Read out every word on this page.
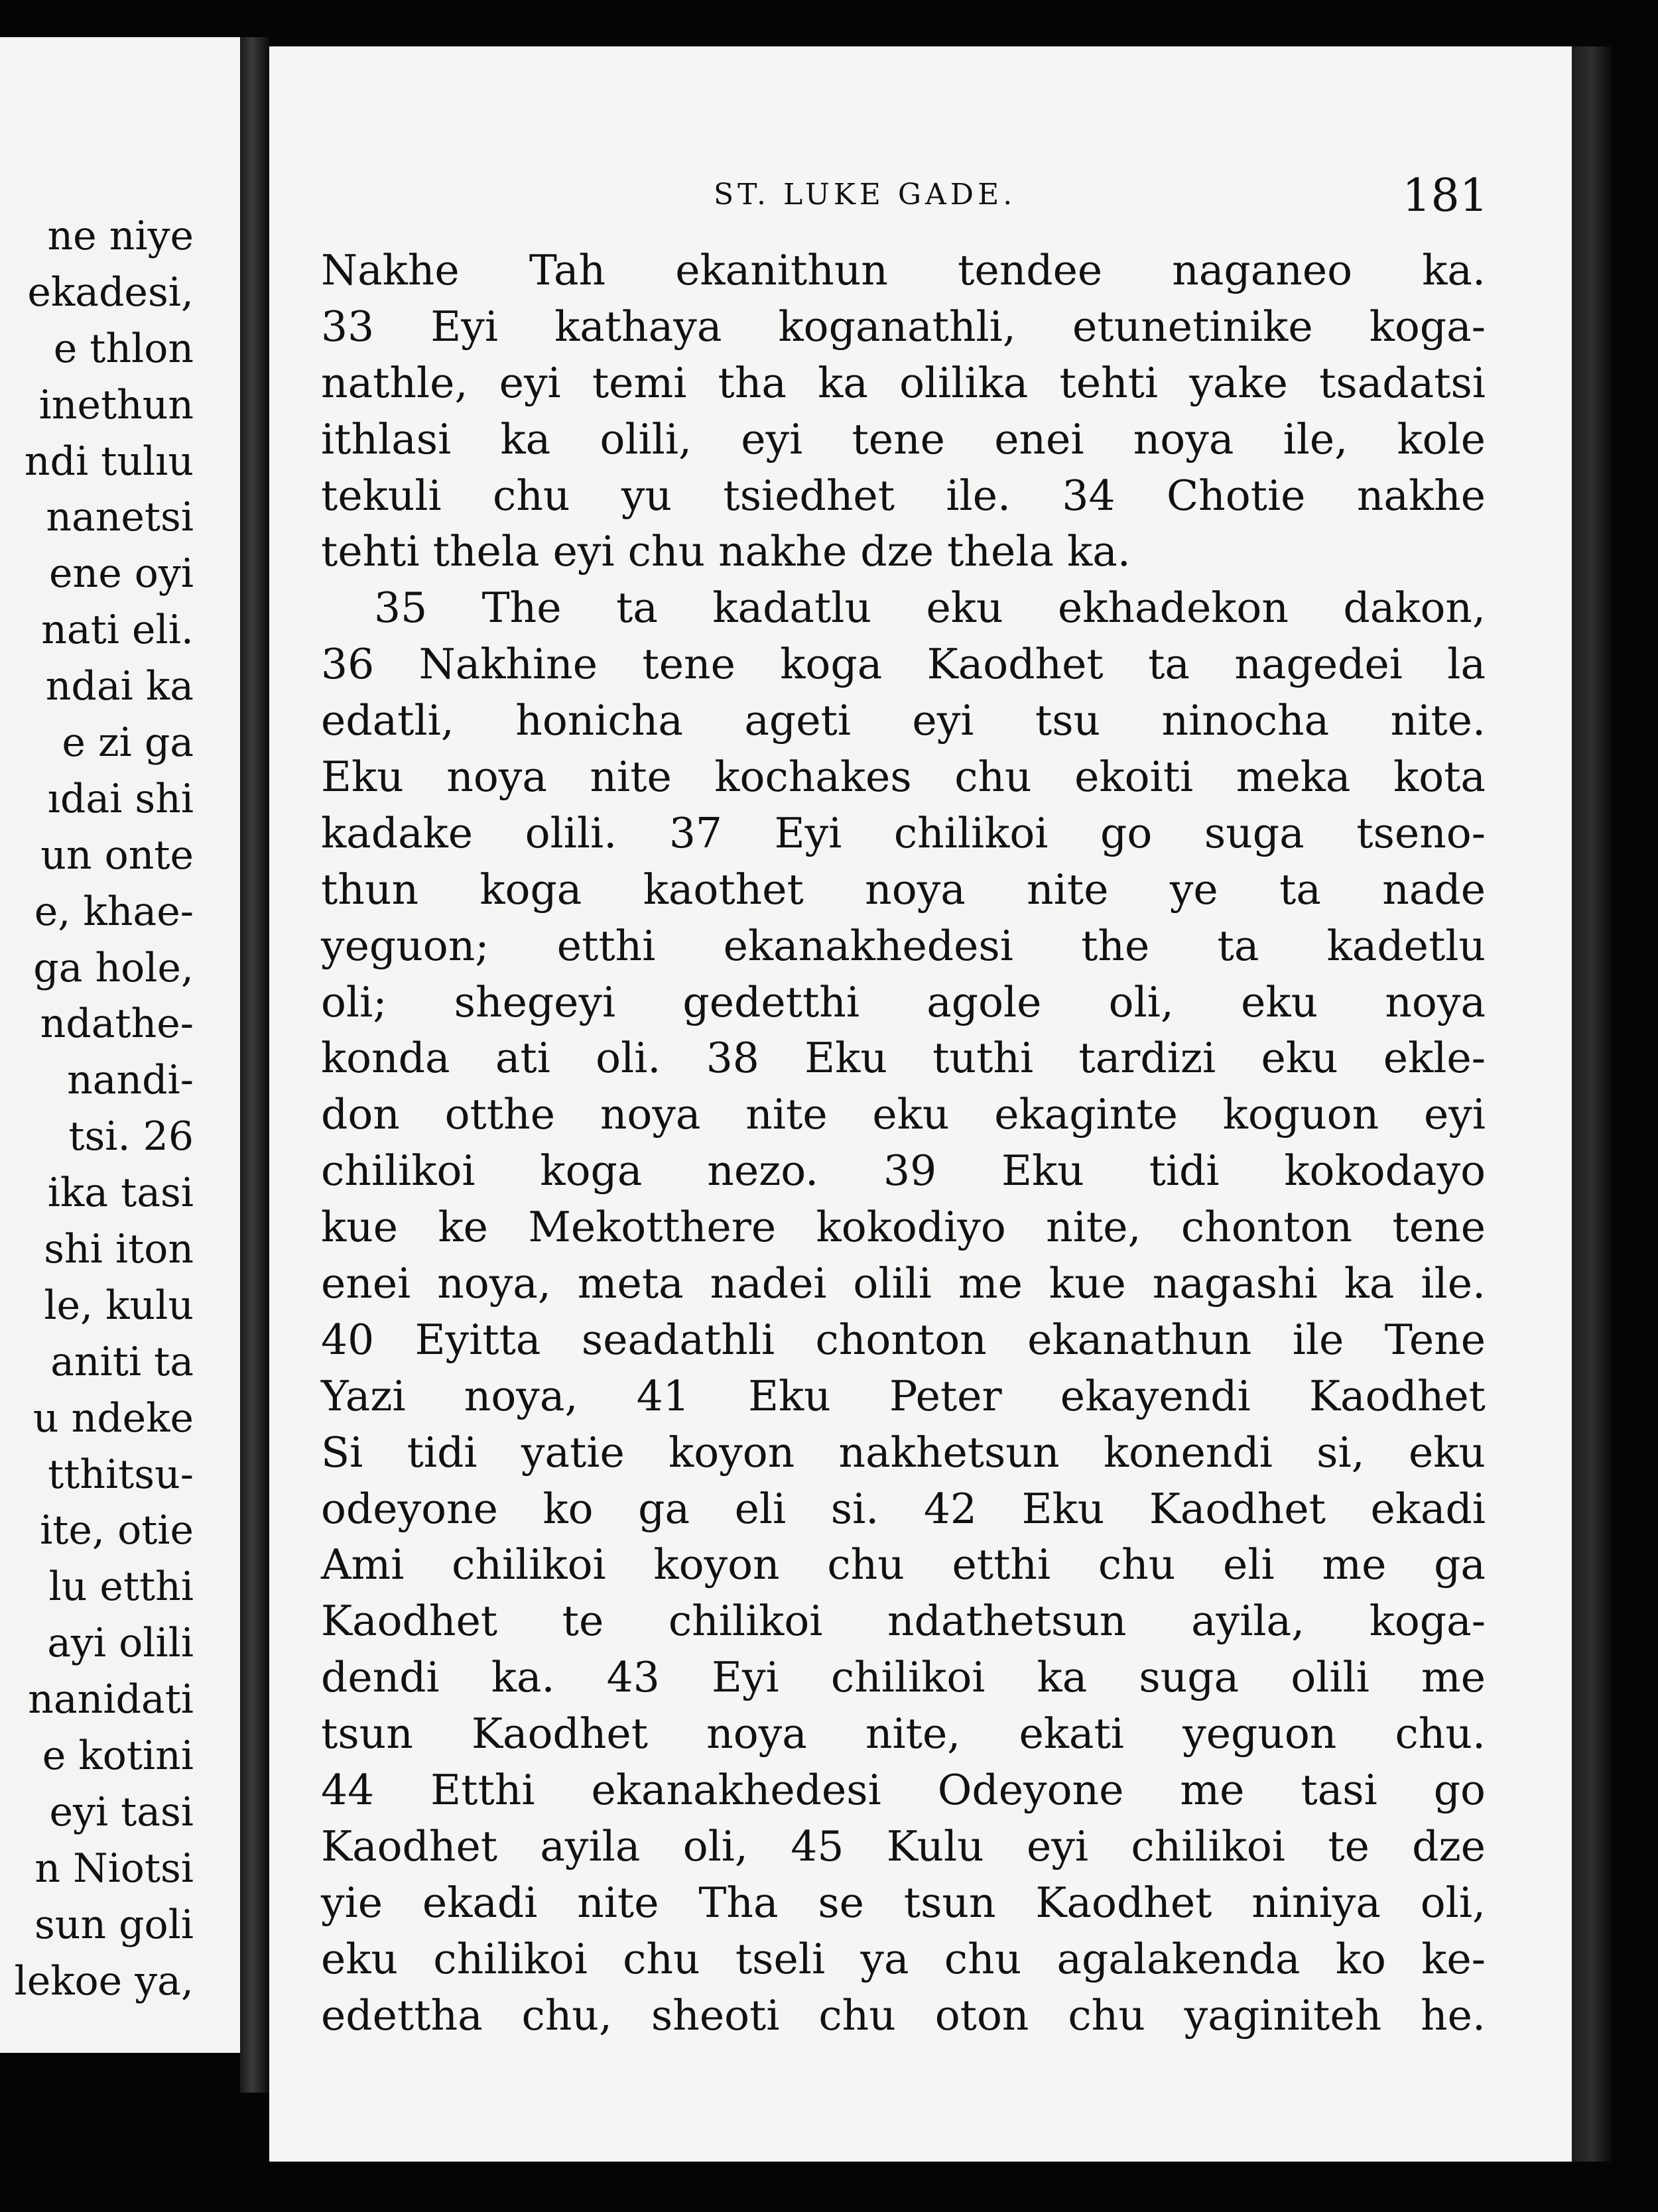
ne niye
ekadesi,
e thlon
inethun
ndi tulıu
nanetsi
ene oyi
nati eli.
ndai ka
e zi ga
ıdai shi
un onte
e, khae-
ga hole,
ndathe-
nandi-
tsi. 26
ika tasi
shi iton
le, kulu
aniti ta
u ndeke
tthitsu-
ite, otie
lu etthi
ayi olili
nanidati
e kotini
eyi tasi
n Niotsi
sun goli
lekoe ya,
ST. LUKE GADE.	181
Nakhe Tah ekanithun tendee naganeo ka.
33 Eyi kathaya koganathli, etunetinike koga-
nathle, eyi temi tha ka olilika tehti yake tsadatsi
ithlasi ka olili, eyi tene enei noya ile, kole
tekuli chu yu tsiedhet ile. 34 Chotie nakhe
tehti thela eyi chu nakhe dze thela ka.
35 The ta kadatlu eku ekhadekon dakon,
36 Nakhine tene koga Kaodhet ta nagedei la
edatli, honicha ageti eyi tsu ninocha nite.
Eku noya nite kochakes chu ekoiti meka kota
kadake olili. 37 Eyi chilikoi go suga tseno-
thun koga kaothet noya nite ye ta nade
yeguon; etthi ekanakhedesi the ta kadetlu
oli; shegeyi gedetthi agole oli, eku noya
konda ati oli. 38 Eku tuthi tardizi eku ekle-
don otthe noya nite eku ekaginte koguon eyi
chilikoi koga nezo. 39 Eku tidi kokodayo
kue ke Mekotthere kokodiyo nite, chonton tene
enei noya, meta nadei olili me kue nagashi ka ile.
40 Eyitta seadathli chonton ekanathun ile Tene
Yazi noya, 41 Eku Peter ekayendi Kaodhet
Si tidi yatie koyon nakhetsun konendi si, eku
odeyone ko ga eli si. 42 Eku Kaodhet ekadi
Ami chilikoi koyon chu etthi chu eli me ga
Kaodhet te chilikoi ndathetsun ayila, koga-
dendi ka. 43 Eyi chilikoi ka suga olili me
tsun Kaodhet noya nite, ekati yeguon chu.
44 Etthi ekanakhedesi Odeyone me tasi go
Kaodhet ayila oli, 45 Kulu eyi chilikoi te dze
yie ekadi nite Tha se tsun Kaodhet niniya oli,
eku chilikoi chu tseli ya chu agalakenda ko ke-
edettha chu, sheoti chu oton chu yaginiteh he.
